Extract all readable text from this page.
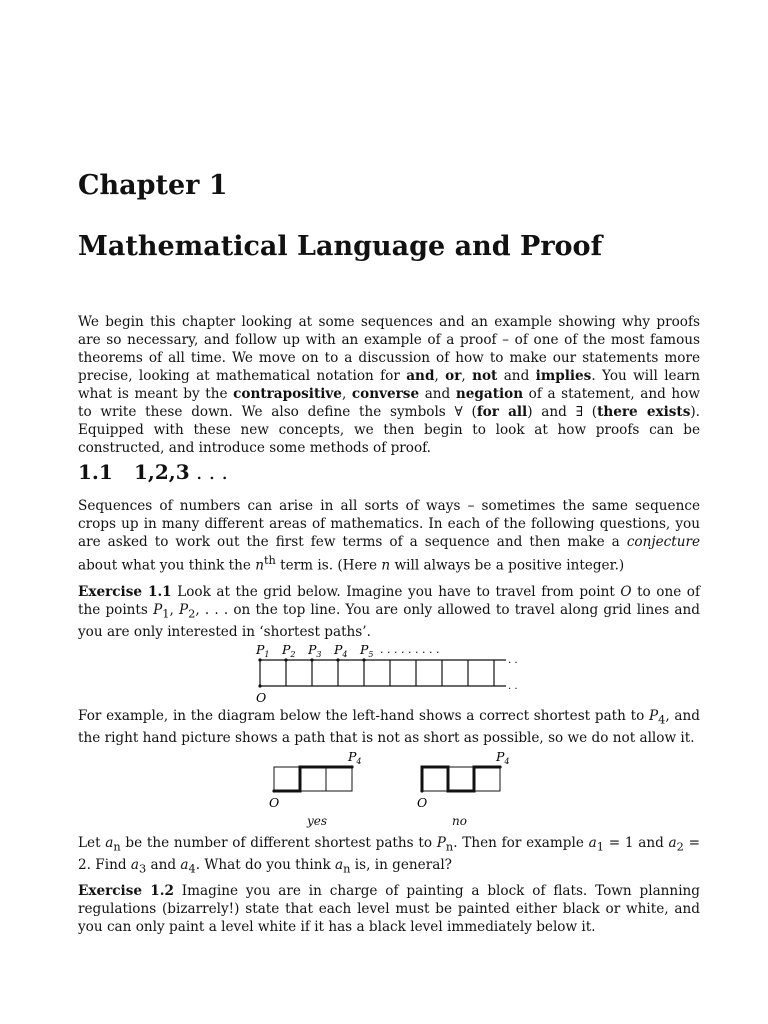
Chapter 1
Mathematical Language and Proof

We begin this chapter looking at some sequences and an example showing why proofs are so necessary, and follow up with an example of a proof – of one of the most famous theorems of all time. We move on to a discussion of how to make our statements more precise, looking at mathematical notation for and, or, not and implies. You will learn what is meant by the contrapositive, converse and negation of a statement, and how to write these down. We also define the symbols ∀ (for all) and ∃ (there exists). Equipped with these new concepts, we then begin to look at how proofs can be constructed, and introduce some methods of proof.

1.1 1,2,3 . . .

Sequences of numbers can arise in all sorts of ways – sometimes the same sequence crops up in many different areas of mathematics. In each of the following questions, you are asked to work out the first few terms of a sequence and then make a conjecture about what you think the $n^{th}$ term is. (Here n will always be a positive integer.)

Exercise 1.1 Look at the grid below. Imagine you have to travel from point O to one of the points $P_1$, $P_2$, . . . on the top line. You are only allowed to travel along grid lines and you are only interested in ‘shortest paths’.

For example, in the diagram below the left-hand shows a correct shortest path to $P_4$, and the right hand picture shows a path that is not as short as possible, so we do not allow it.

Let $a_n$ be the number of different shortest paths to $P_n$. Then for example $a_1 = 1$ and $a_2 = 2$. Find $a_3$ and $a_4$. What do you think $a_n$ is, in general?

Exercise 1.2 Imagine you are in charge of painting a block of flats. Town planning regulations (bizarrely!) state that each level must be painted either black or white, and you can only paint a level white if it has a black level immediately below it.

$P_1$ $P_2$ $P_3$ $P_4$ $P_5$ . . . . . . . . .
O
. .
. .
$P_4$
O
yes
$P_4$
O
no
